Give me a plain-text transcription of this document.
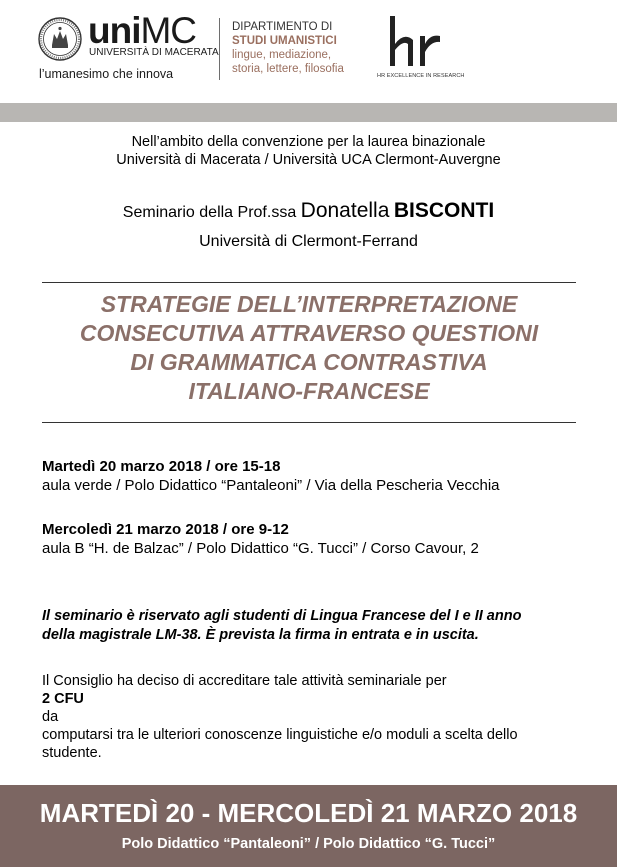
uniMC
UNIVERSITÀ DI MACERATA
l’umanesimo che innova
DIPARTIMENTO DI
STUDI UMANISTICI
lingue, mediazione,
storia, lettere, filosofia
HR EXCELLENCE IN RESEARCH
Nell’ambito della convenzione per la laurea binazionale
Università di Macerata / Università UCA Clermont-Auvergne
Seminario della Prof.ssa Donatella BISCONTI
Università di Clermont-Ferrand
STRATEGIE DELL’INTERPRETAZIONE
CONSECUTIVA ATTRAVERSO QUESTIONI
DI GRAMMATICA CONTRASTIVA
ITALIANO-FRANCESE
Martedì 20 marzo 2018 / ore 15-18
aula verde / Polo Didattico “Pantaleoni” / Via della Pescheria Vecchia
Mercoledì 21 marzo 2018 / ore 9-12
aula B “H. de Balzac” / Polo Didattico “G. Tucci” / Corso Cavour, 2
Il seminario è riservato agli studenti di Lingua Francese del I e II anno
della magistrale LM-38. È prevista la firma in entrata e in uscita.
Il Consiglio ha deciso di accreditare tale attività seminariale per
2 CFU
da
computarsi tra le ulteriori conoscenze linguistiche e/o moduli a scelta dello
studente.
MARTEDÌ 20 - MERCOLEDÌ 21 MARZO 2018
Polo Didattico “Pantaleoni” / Polo Didattico “G. Tucci”
